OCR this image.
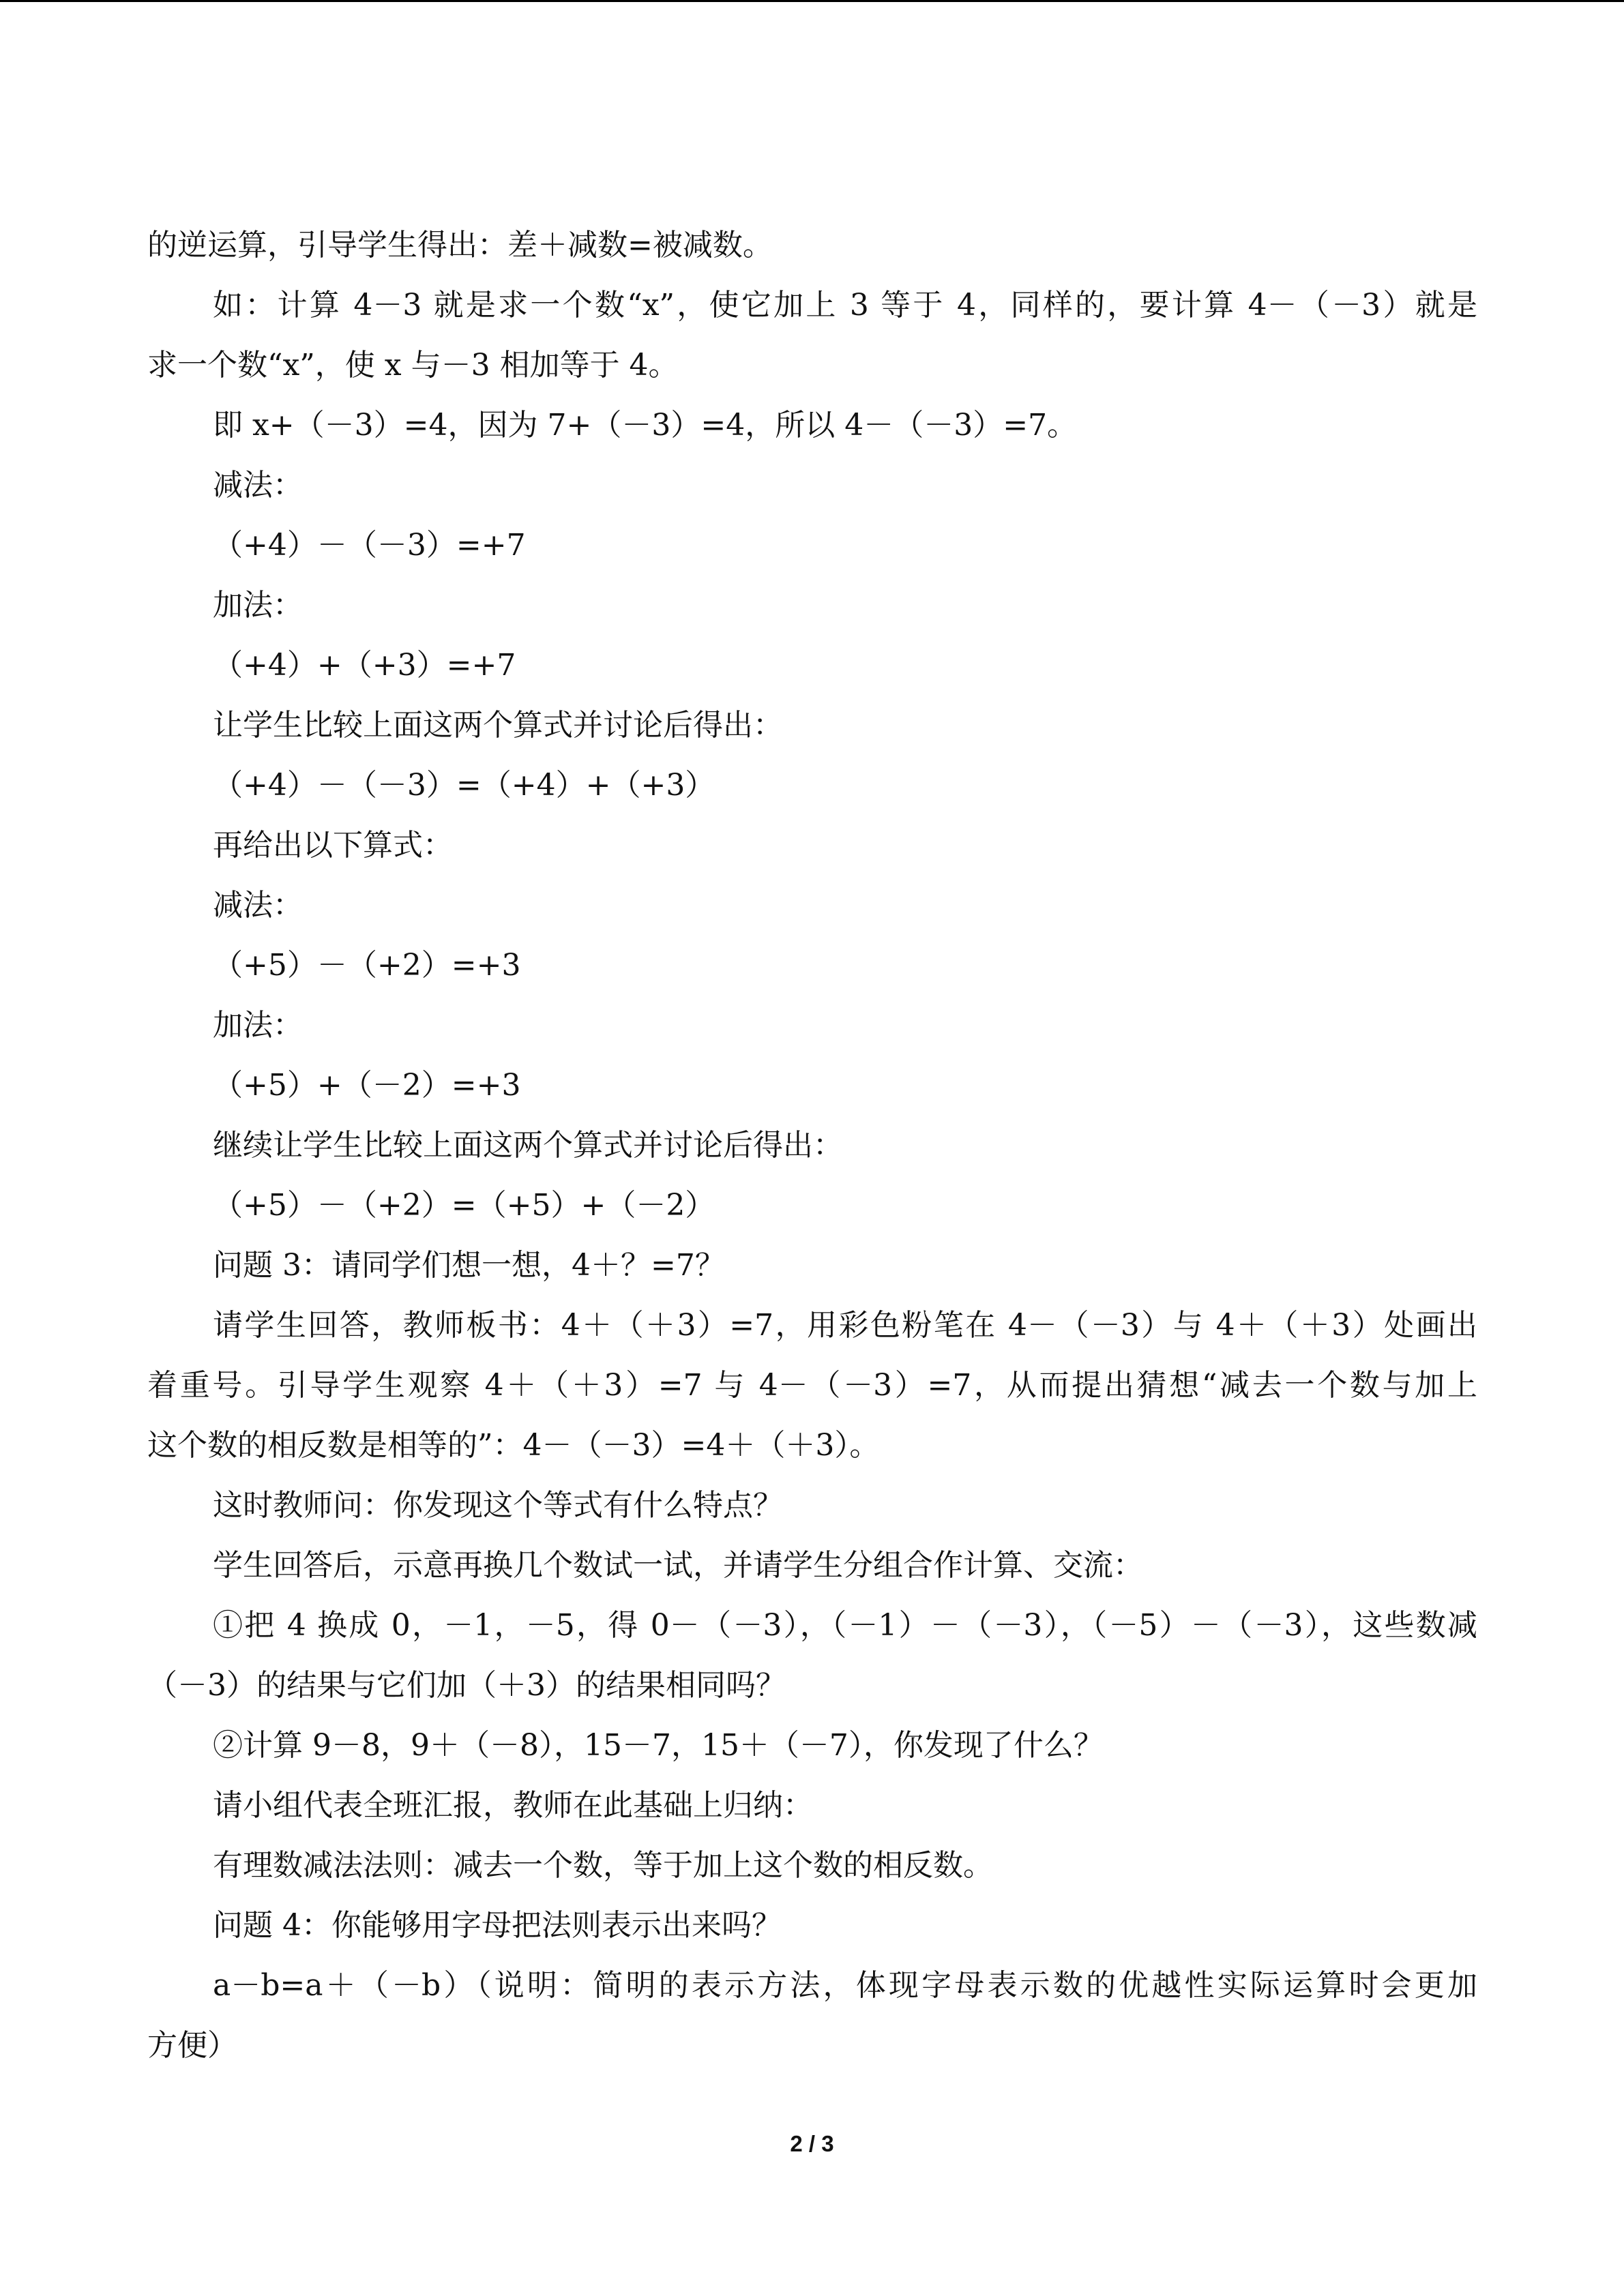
的逆运算，引导学生得出：差＋减数=被减数。

如：计算 4－3 就是求一个数“x”，使它加上 3 等于 4，同样的，要计算 4－（－3）就是

求一个数“x”，使 x 与－3 相加等于 4。

即 x+（－3）=4，因为 7+（－3）=4，所以 4－（－3）=7。

减法：

（+4）－（－3）=+7

加法：

（+4）+（+3）=+7

让学生比较上面这两个算式并讨论后得出：

（+4）－（－3）=（+4）+（+3）

再给出以下算式：

减法：

（+5）－（+2）=+3

加法：

（+5）+（－2）=+3

继续让学生比较上面这两个算式并讨论后得出：

（+5）－（+2）=（+5）+（－2）

问题 3：请同学们想一想，4＋？=7？

请学生回答，教师板书：4＋（＋3）=7，用彩色粉笔在 4－（－3）与 4＋（＋3）处画出

着重号。引导学生观察 4＋（＋3）=7 与 4－（－3）=7，从而提出猜想“减去一个数与加上

这个数的相反数是相等的”：4－（－3）=4＋（＋3）。

这时教师问：你发现这个等式有什么特点？

学生回答后，示意再换几个数试一试，并请学生分组合作计算、交流：

①把 4 换成 0，－1，－5，得 0－（－3），（－1）－（－3），（－5）－（－3），这些数减

（－3）的结果与它们加（＋3）的结果相同吗？

②计算 9－8，9＋（－8），15－7，15＋（－7），你发现了什么？

请小组代表全班汇报，教师在此基础上归纳：

有理数减法法则：减去一个数，等于加上这个数的相反数。

问题 4：你能够用字母把法则表示出来吗？

a－b=a＋（－b）（说明：简明的表示方法，体现字母表示数的优越性实际运算时会更加

方便）

2 / 3
